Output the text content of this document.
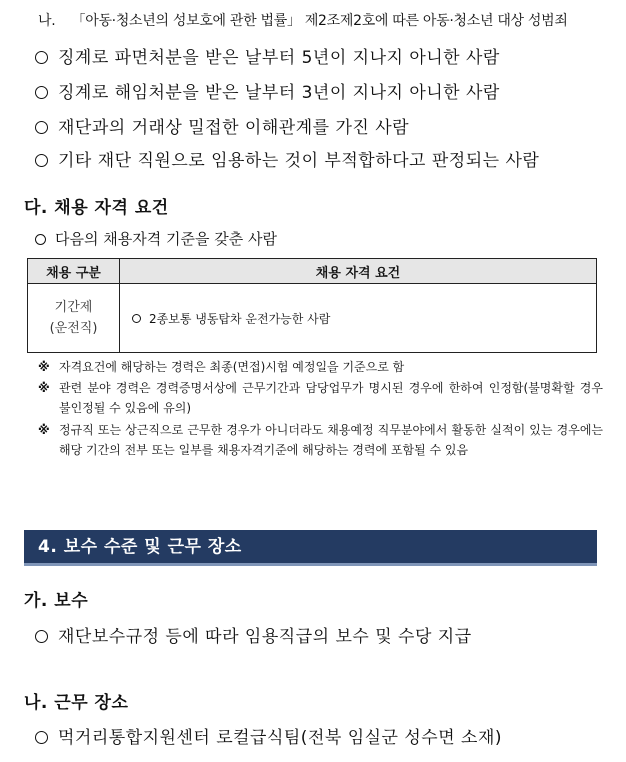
나. 「아동·청소년의 성보호에 관한 법률」 제2조제2호에 따른 아동·청소년 대상 성범죄
징계로 파면처분을 받은 날부터 5년이 지나지 아니한 사람
징계로 해임처분을 받은 날부터 3년이 지나지 아니한 사람
재단과의 거래상 밀접한 이해관계를 가진 사람
기타 재단 직원으로 임용하는 것이 부적합하다고 판정되는 사람
다. 채용 자격 요건
다음의 채용자격 기준을 갖춘 사람
채용 구분	채용 자격 요건

기간제
(운전직)	2종보통 냉동탑차 운전가능한 사람
※ 자격요건에 해당하는 경력은 최종(면접)시험 예정일을 기준으로 함
※ 관련 분야 경력은 경력증명서상에 근무기간과 담당업무가 명시된 경우에 한하여 인정함(불명확할 경우 불인정될 수 있음에 유의)
※ 정규직 또는 상근직으로 근무한 경우가 아니더라도 채용예정 직무분야에서 활동한 실적이 있는 경우에는 해당 기간의 전부 또는 일부를 채용자격기준에 해당하는 경력에 포함될 수 있음
4. 보수 수준 및 근무 장소
가. 보수
재단보수규정 등에 따라 임용직급의 보수 및 수당 지급
나. 근무 장소
먹거리통합지원센터 로컬급식팀(전북 임실군 성수면 소재)
